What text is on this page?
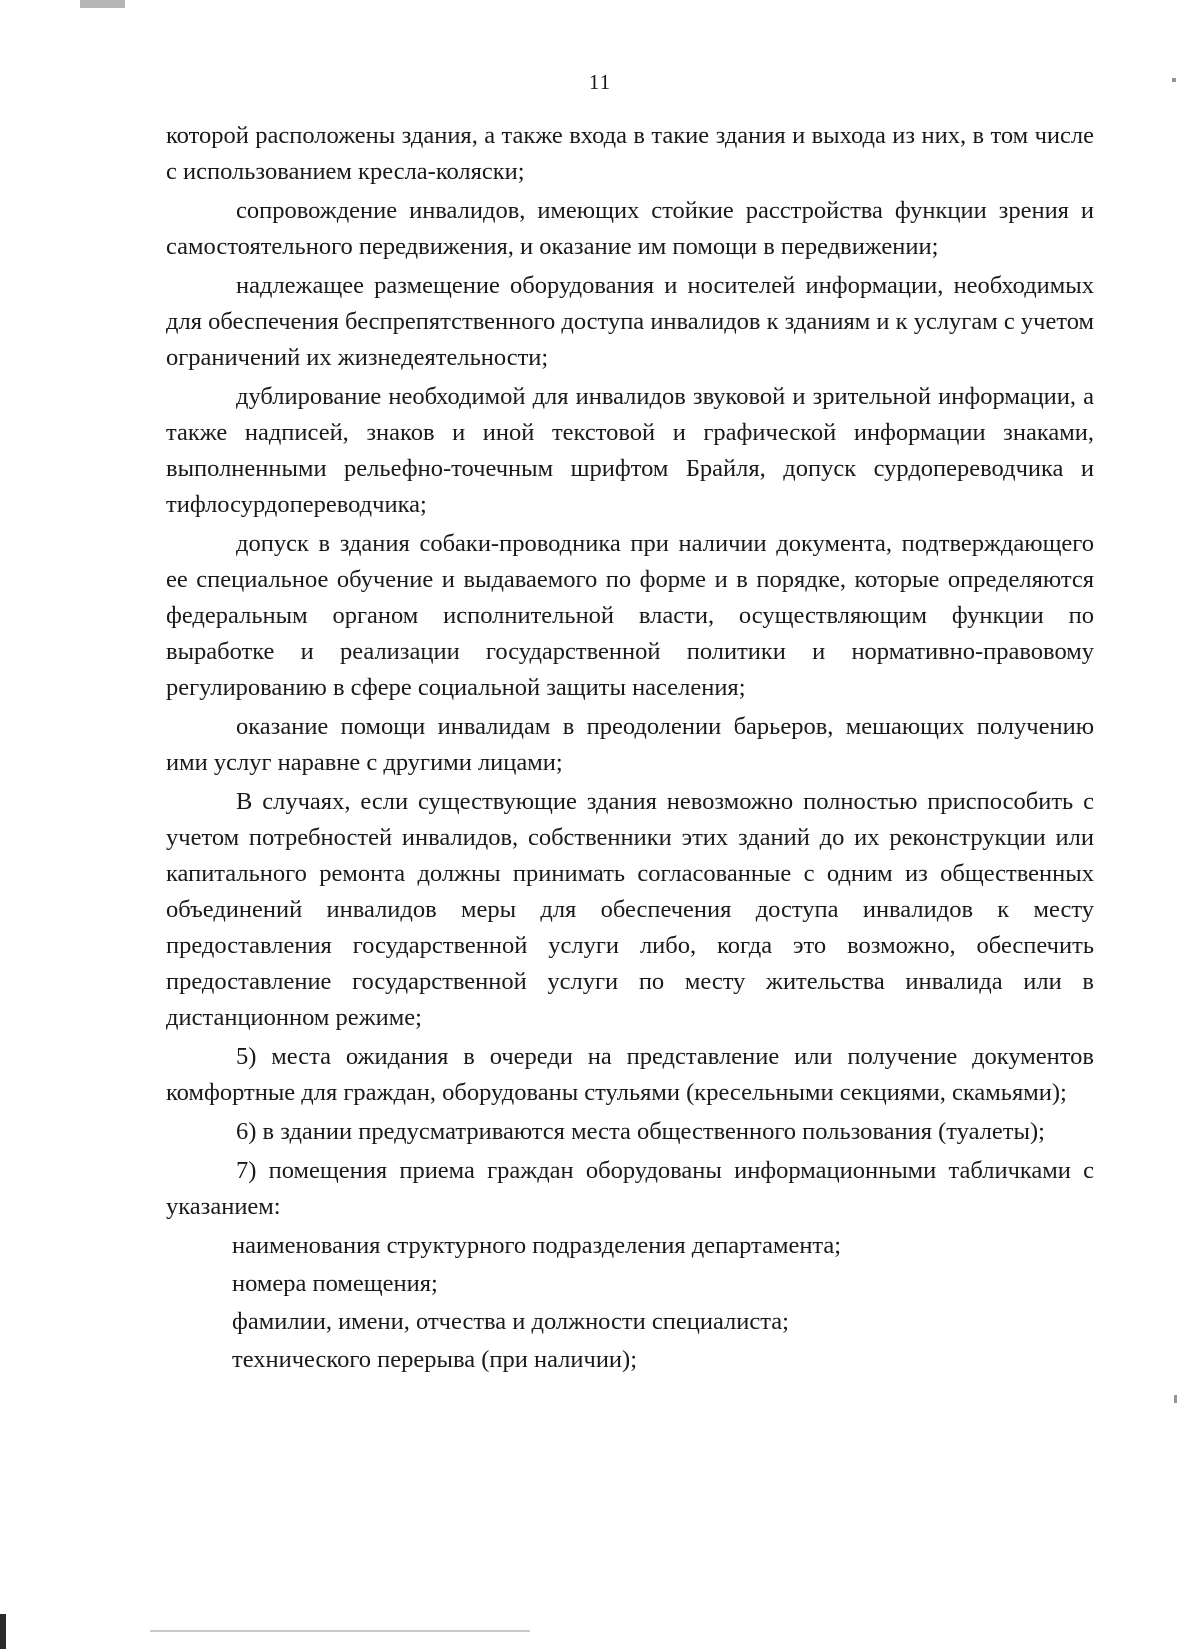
11

которой расположены здания, а также входа в такие здания и выхода из них, в том числе с использованием кресла-коляски;

сопровождение инвалидов, имеющих стойкие расстройства функции зрения и самостоятельного передвижения, и оказание им помощи в передвижении;

надлежащее размещение оборудования и носителей информации, необходимых для обеспечения беспрепятственного доступа инвалидов к зданиям и к услугам с учетом ограничений их жизнедеятельности;

дублирование необходимой для инвалидов звуковой и зрительной информации, а также надписей, знаков и иной текстовой и графической информации знаками, выполненными рельефно-точечным шрифтом Брайля, допуск сурдопереводчика и тифлосурдопереводчика;

допуск в здания собаки-проводника при наличии документа, подтверждающего ее специальное обучение и выдаваемого по форме и в порядке, которые определяются федеральным органом исполнительной власти, осуществляющим функции по выработке и реализации государственной политики и нормативно-правовому регулированию в сфере социальной защиты населения;

оказание помощи инвалидам в преодолении барьеров, мешающих получению ими услуг наравне с другими лицами;

В случаях, если существующие здания невозможно полностью приспособить с учетом потребностей инвалидов, собственники этих зданий до их реконструкции или капитального ремонта должны принимать согласованные с одним из общественных объединений инвалидов меры для обеспечения доступа инвалидов к месту предоставления государственной услуги либо, когда это возможно, обеспечить предоставление государственной услуги по месту жительства инвалида или в дистанционном режиме;

5) места ожидания в очереди на представление или получение документов комфортные для граждан, оборудованы стульями (кресельными секциями, скамьями);

6) в здании предусматриваются места общественного пользования (туалеты);

7) помещения приема граждан оборудованы информационными табличками с указанием:

наименования структурного подразделения департамента;

номера помещения;

фамилии, имени, отчества и должности специалиста;

технического перерыва (при наличии);
